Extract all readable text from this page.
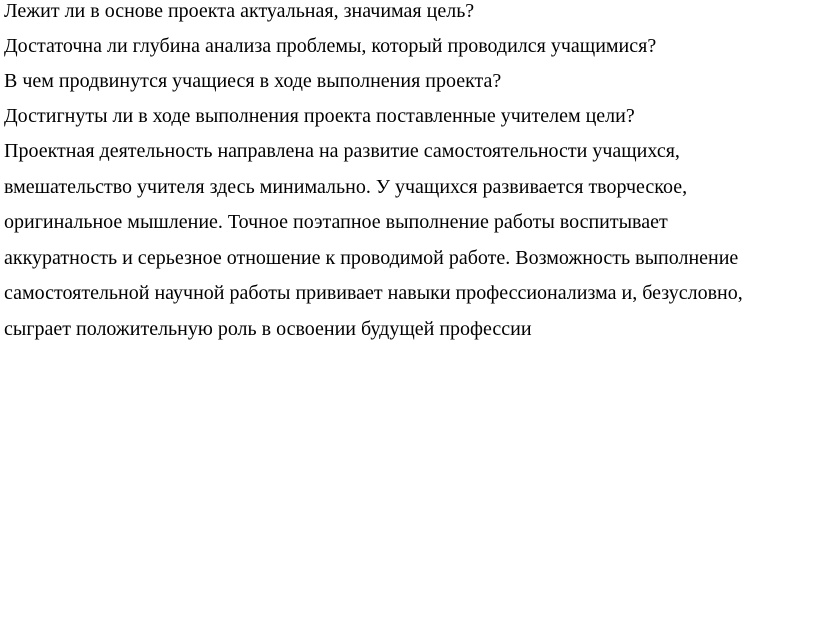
Лежит ли в основе проекта актуальная, значимая цель?
Достаточна ли глубина анализа проблемы, который проводился учащимися?
В чем продвинутся учащиеся в ходе выполнения проекта?
Достигнуты ли в ходе выполнения проекта поставленные учителем цели?

Проектная деятельность направлена на развитие самостоятельности учащихся,
вмешательство учителя здесь минимально. У учащихся развивается творческое,
оригинальное мышление. Точное поэтапное выполнение работы воспитывает
аккуратность и серьезное отношение к проводимой работе. Возможность выполнение
самостоятельной научной работы прививает навыки профессионализма и, безусловно,
сыграет положительную роль в освоении будущей профессии
